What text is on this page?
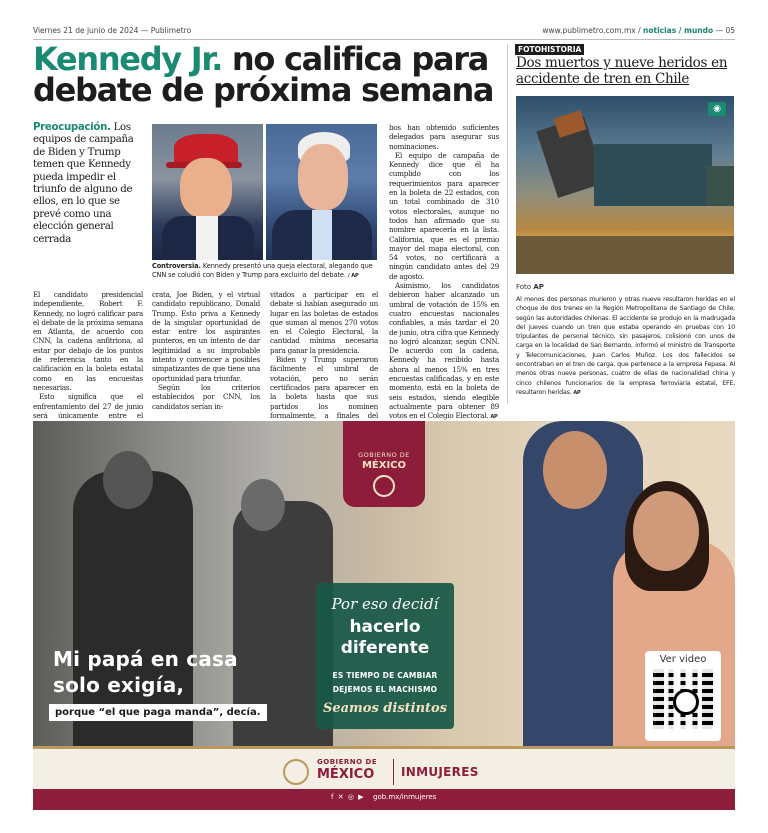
Viernes 21 de junio de 2024 — Publimetro	www.publimetro.com.mx / noticias / mundo — 05
Kennedy Jr. no califica para debate de próxima semana
Preocupación. Los equipos de campaña de Biden y Trump temen que Kennedy pueda impedir el triunfo de alguno de ellos, en lo que se prevé como una elección general cerrada
Controversia. Kennedy presentó una queja electoral, alegando que CNN se coludió con Biden y Trump para excluirlo del debate. / AP

El candidato presidencial independiente, Robert F. Kennedy, no logró calificar para el debate de la próxima semana en Atlanta, de acuerdo con CNN, la cadena anfitriona, al estar por debajo de los puntos de referencia tanto en la calificación en la boleta estatal como en las encuestas necesarias.

Esto significa que el enfrentamiento del 27 de junio será únicamente entre el

crata, Joe Biden, y el virtual candidato republicano, Donald Trump. Esto priva a Kennedy de la singular oportunidad de estar entre los aspirantes punteros, en un intento de dar legitimidad a su improbable intento y convencer a posibles simpatizantes de que tiene una oportunidad para triunfar.

Según los criterios establecidos por CNN, los candidatos serían in-

vitados a participar en el debate si habían asegurado un lugar en las boletas de estados que suman al menos 270 votos en el Colegio Electoral, la cantidad mínima necesaria para ganar la presidencia.

Biden y Trump superaron fácilmente el umbral de votación, pero no serán certificados para aparecer en la boleta hasta que sus partidos los nominen formalmente, a finales del

bos han obtenido suficientes delegados para asegurar sus nominaciones.

El equipo de campaña de Kennedy dice que él ha cumplido con los requerimientos para aparecer en la boleta de 22 estados, con un total combinado de 310 votos electorales, aunque no todos han afirmado que su nombre aparecería en la lista. California, que es el premio mayor del mapa electoral, con 54 votos, no certificará a ningún candidato antes del 29 de agosto.

Asimismo, los candidatos debieron haber alcanzado un umbral de votación de 15% en cuatro encuestas nacionales confiables, a más tardar el 20 de junio, otra cifra que Kennedy no logró alcanzar, según CNN. De acuerdo con la cadena, Kennedy ha recibido hasta ahora al menos 15% en tres encuestas calificadas, y en este momento, está en la boleta de seis estados, siendo elegible actualmente para obtener 89 votos en el Colegio Electoral. AP

FOTOHISTORIA
Dos muertos y nueve heridos en accidente de tren en Chile
◉
Foto AP
Al menos dos personas murieron y otras nueve resultaron heridas en el choque de dos trenes en la Región Metropolitana de Santiago de Chile, según las autoridades chilenas. El accidente se produjo en la madrugada del jueves cuando un tren que estaba operando en pruebas con 10 tripulantes de personal técnico, sin pasajeros, colisionó con unos de carga en la localidad de San Bernardo, informó el ministro de Transporte y Telecomunicaciones, Juan Carlos Muñoz. Los dos fallecidos se encontraban en el tren de carga, que pertenece a la empresa Fepasa. Al menos otras nueve personas, cuatro de ellas de nacionalidad china y cinco chilenos funcionarios de la empresa ferroviaria estatal, EFE, resultaron heridas. AP
GOBIERNO DE
MÉXICO
Por eso decidí
hacerlo
diferente
ES TIEMPO DE CAMBIAR
DEJEMOS EL MACHISMO
Seamos distintos
Mi papá en casa
solo exigía,
porque “el que paga manda”, decía.
Ver video
GOBIERNO DE
MÉXICO INMUJERES
f ✕ ◎ ▶ gob.mx/inmujeres
